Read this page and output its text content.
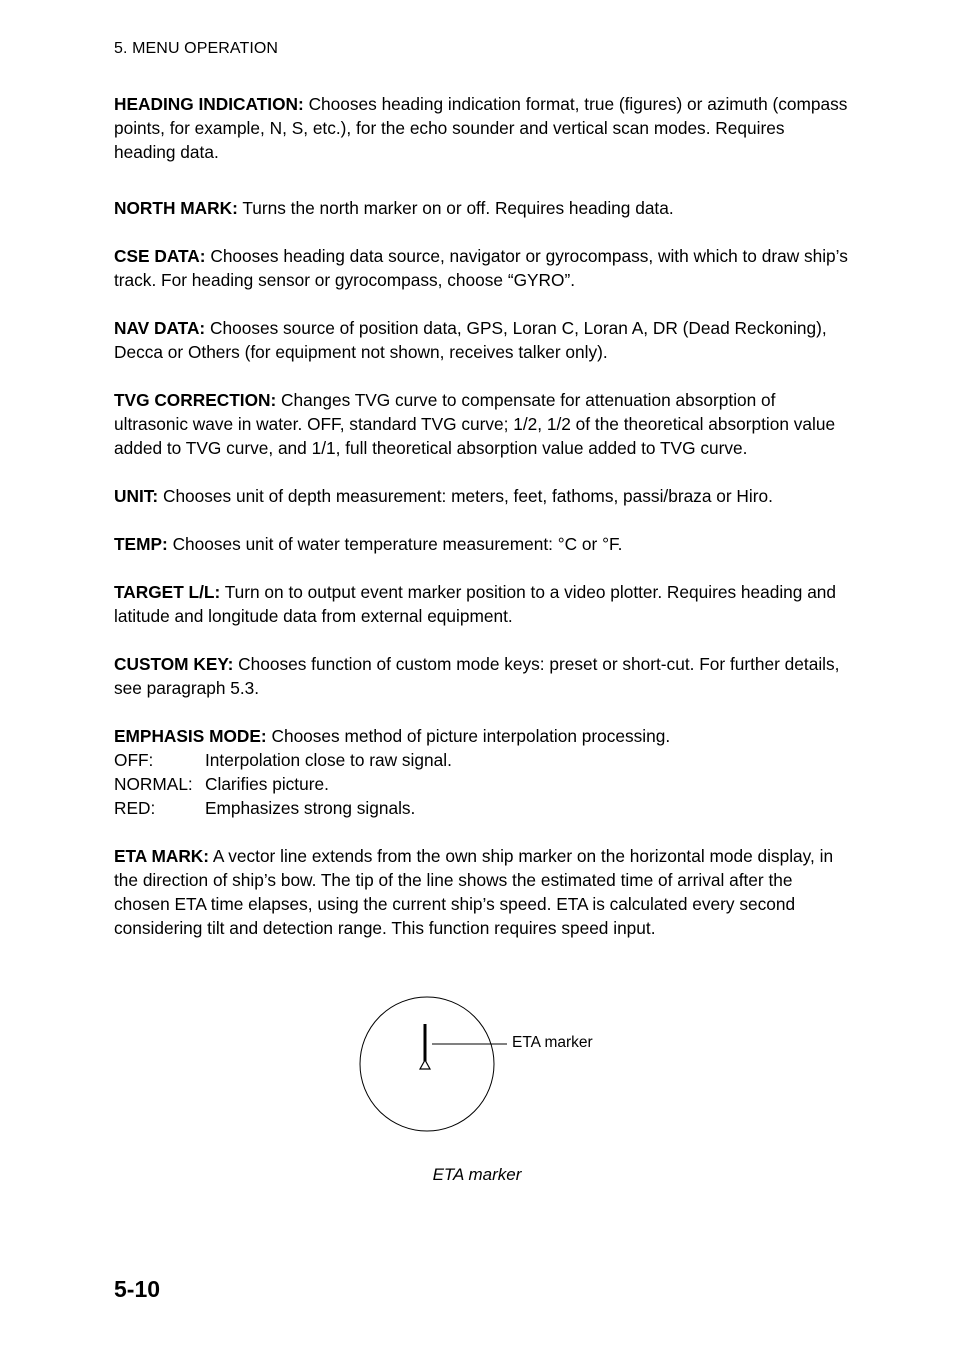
5. MENU OPERATION

HEADING INDICATION: Chooses heading indication format, true (figures) or azimuth (compass points, for example, N, S, etc.), for the echo sounder and vertical scan modes. Requires heading data.

NORTH MARK: Turns the north marker on or off. Requires heading data.

CSE DATA: Chooses heading data source, navigator or gyrocompass, with which to draw ship’s track. For heading sensor or gyrocompass, choose “GYRO”.

NAV DATA: Chooses source of position data, GPS, Loran C, Loran A, DR (Dead Reckoning), Decca or Others (for equipment not shown, receives talker only).

TVG CORRECTION: Changes TVG curve to compensate for attenuation absorption of ultrasonic wave in water. OFF, standard TVG curve; 1/2, 1/2 of the theoretical absorption value added to TVG curve, and 1/1, full theoretical absorption value added to TVG curve.

UNIT: Chooses unit of depth measurement: meters, feet, fathoms, passi/braza or Hiro.

TEMP: Chooses unit of water temperature measurement: °C or °F.

TARGET L/L: Turn on to output event marker position to a video plotter. Requires heading and latitude and longitude data from external equipment.

CUSTOM KEY: Chooses function of custom mode keys: preset or short-cut. For further details, see paragraph 5.3.

EMPHASIS MODE: Chooses method of picture interpolation processing.
OFF:	Interpolation close to raw signal.
NORMAL: Clarifies picture.
RED:	Emphasizes strong signals.

ETA MARK: A vector line extends from the own ship marker on the horizontal mode display, in the direction of ship’s bow. The tip of the line shows the estimated time of arrival after the chosen ETA time elapses, using the current ship’s speed. ETA is calculated every second considering tilt and detection range. This function requires speed input.

ETA marker
ETA marker
5-10
